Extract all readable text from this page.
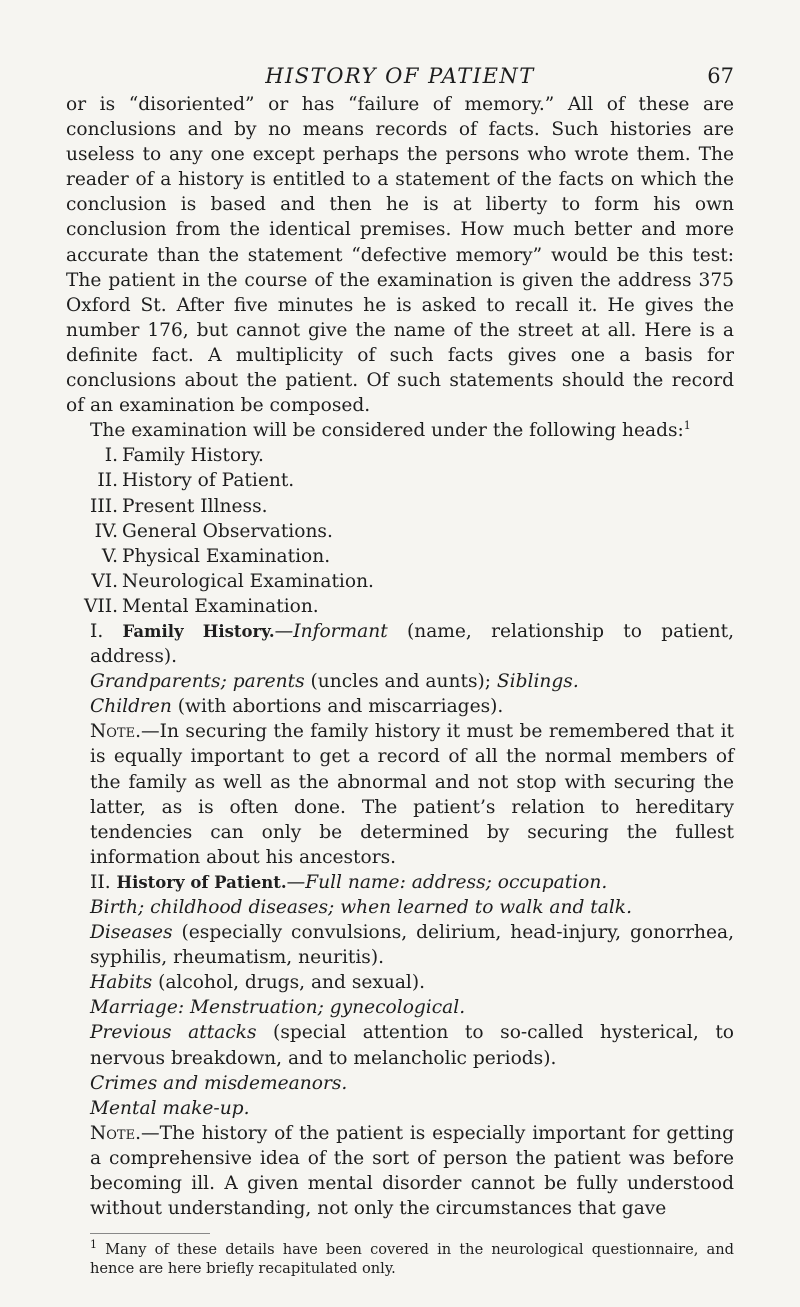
HISTORY OF PATIENT	67

or is “disoriented” or has “failure of memory.” All of these are conclusions and by no means records of facts. Such histories are useless to any one except perhaps the persons who wrote them. The reader of a history is entitled to a statement of the facts on which the conclusion is based and then he is at liberty to form his own conclusion from the identical premises. How much better and more accurate than the statement “defective memory” would be this test: The patient in the course of the examination is given the address 375 Oxford St. After five minutes he is asked to recall it. He gives the number 176, but cannot give the name of the street at all. Here is a definite fact. A multiplicity of such facts gives one a basis for conclusions about the patient. Of such statements should the record of an examination be composed.

The examination will be considered under the following heads:$^1$

I. Family History.
II. History of Patient.
III. Present Illness.
IV. General Observations.
V. Physical Examination.
VI. Neurological Examination.
VII. Mental Examination.

I. Family History.—Informant (name, relationship to patient, address).

Grandparents; parents (uncles and aunts); Siblings.

Children (with abortions and miscarriages).

Note.—In securing the family history it must be remembered that it is equally important to get a record of all the normal members of the family as well as the abnormal and not stop with securing the latter, as is often done. The patient’s relation to hereditary tendencies can only be determined by securing the fullest information about his ancestors.

II. History of Patient.—Full name: address; occupation.

Birth; childhood diseases; when learned to walk and talk.

Diseases (especially convulsions, delirium, head-injury, gonorrhea, syphilis, rheumatism, neuritis).

Habits (alcohol, drugs, and sexual).

Marriage: Menstruation; gynecological.

Previous attacks (special attention to so-called hysterical, to nervous breakdown, and to melancholic periods).

Crimes and misdemeanors.

Mental make-up.

Note.—The history of the patient is especially important for getting a comprehensive idea of the sort of person the patient was before becoming ill. A given mental disorder cannot be fully understood without understanding, not only the circumstances that gave

$^1$ Many of these details have been covered in the neurological questionnaire, and hence are here briefly recapitulated only.
